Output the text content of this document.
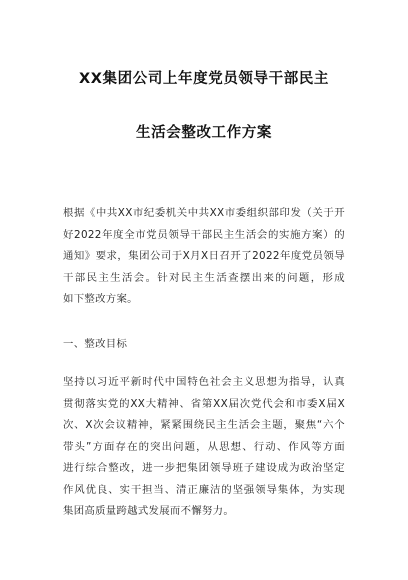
XX集团公司上年度党员领导干部民主
生活会整改工作方案

根据《中共XX市纪委机关中共XX市委组织部印发（关于开
好2022年度全市党员领导干部民主生活会的实施方案）的
通知》要求，集团公司于X月X日召开了2022年度党员领导
干部民主生活会。针对民主生活查摆出来的问题，形成
如下整改方案。

一、整改目标

坚持以习近平新时代中国特色社会主义思想为指导，认真
贯彻落实党的XX大精神、省第XX届次党代会和市委X届X
次、X次会议精神，紧紧围绕民主生活会主题，聚焦“六个
带头”方面存在的突出问题，从思想、行动、作风等方面
进行综合整改，进一步把集团领导班子建设成为政治坚定
作风优良、实干担当、清正廉洁的坚强领导集体，为实现
集团高质量跨越式发展而不懈努力。
